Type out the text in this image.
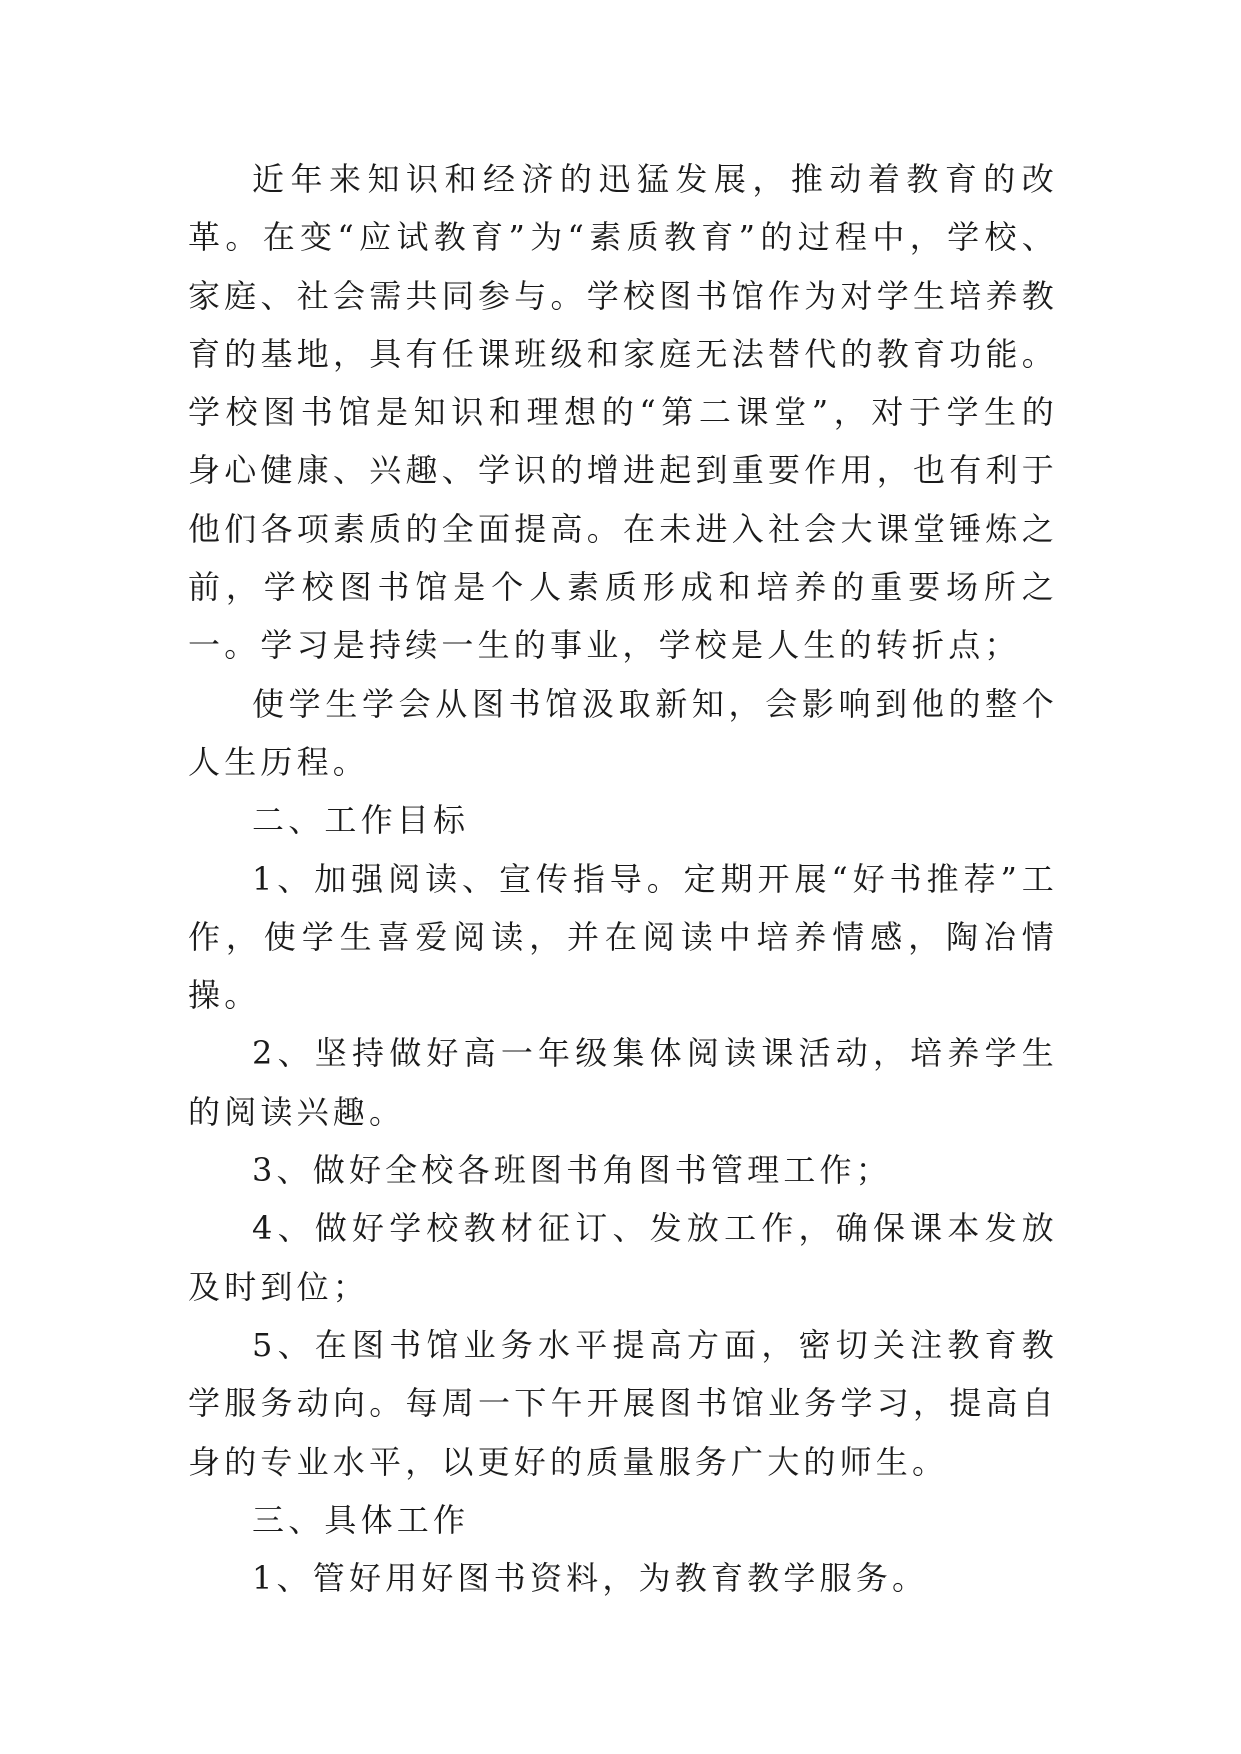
近年来知识和经济的迅猛发展，推动着教育的改革。在变“应试教育”为“素质教育”的过程中，学校、家庭、社会需共同参与。学校图书馆作为对学生培养教育的基地，具有任课班级和家庭无法替代的教育功能。学校图书馆是知识和理想的“第二课堂”，对于学生的身心健康、兴趣、学识的增进起到重要作用，也有利于他们各项素质的全面提高。在未进入社会大课堂锤炼之前，学校图书馆是个人素质形成和培养的重要场所之一。学习是持续一生的事业，学校是人生的转折点；

使学生学会从图书馆汲取新知，会影响到他的整个人生历程。

二、工作目标

1、加强阅读、宣传指导。定期开展“好书推荐”工作，使学生喜爱阅读，并在阅读中培养情感，陶冶情操。

2、坚持做好高一年级集体阅读课活动，培养学生的阅读兴趣。

3、做好全校各班图书角图书管理工作；

4、做好学校教材征订、发放工作，确保课本发放及时到位；

5、在图书馆业务水平提高方面，密切关注教育教学服务动向。每周一下午开展图书馆业务学习，提高自身的专业水平，以更好的质量服务广大的师生。

三、具体工作

1、管好用好图书资料，为教育教学服务。
